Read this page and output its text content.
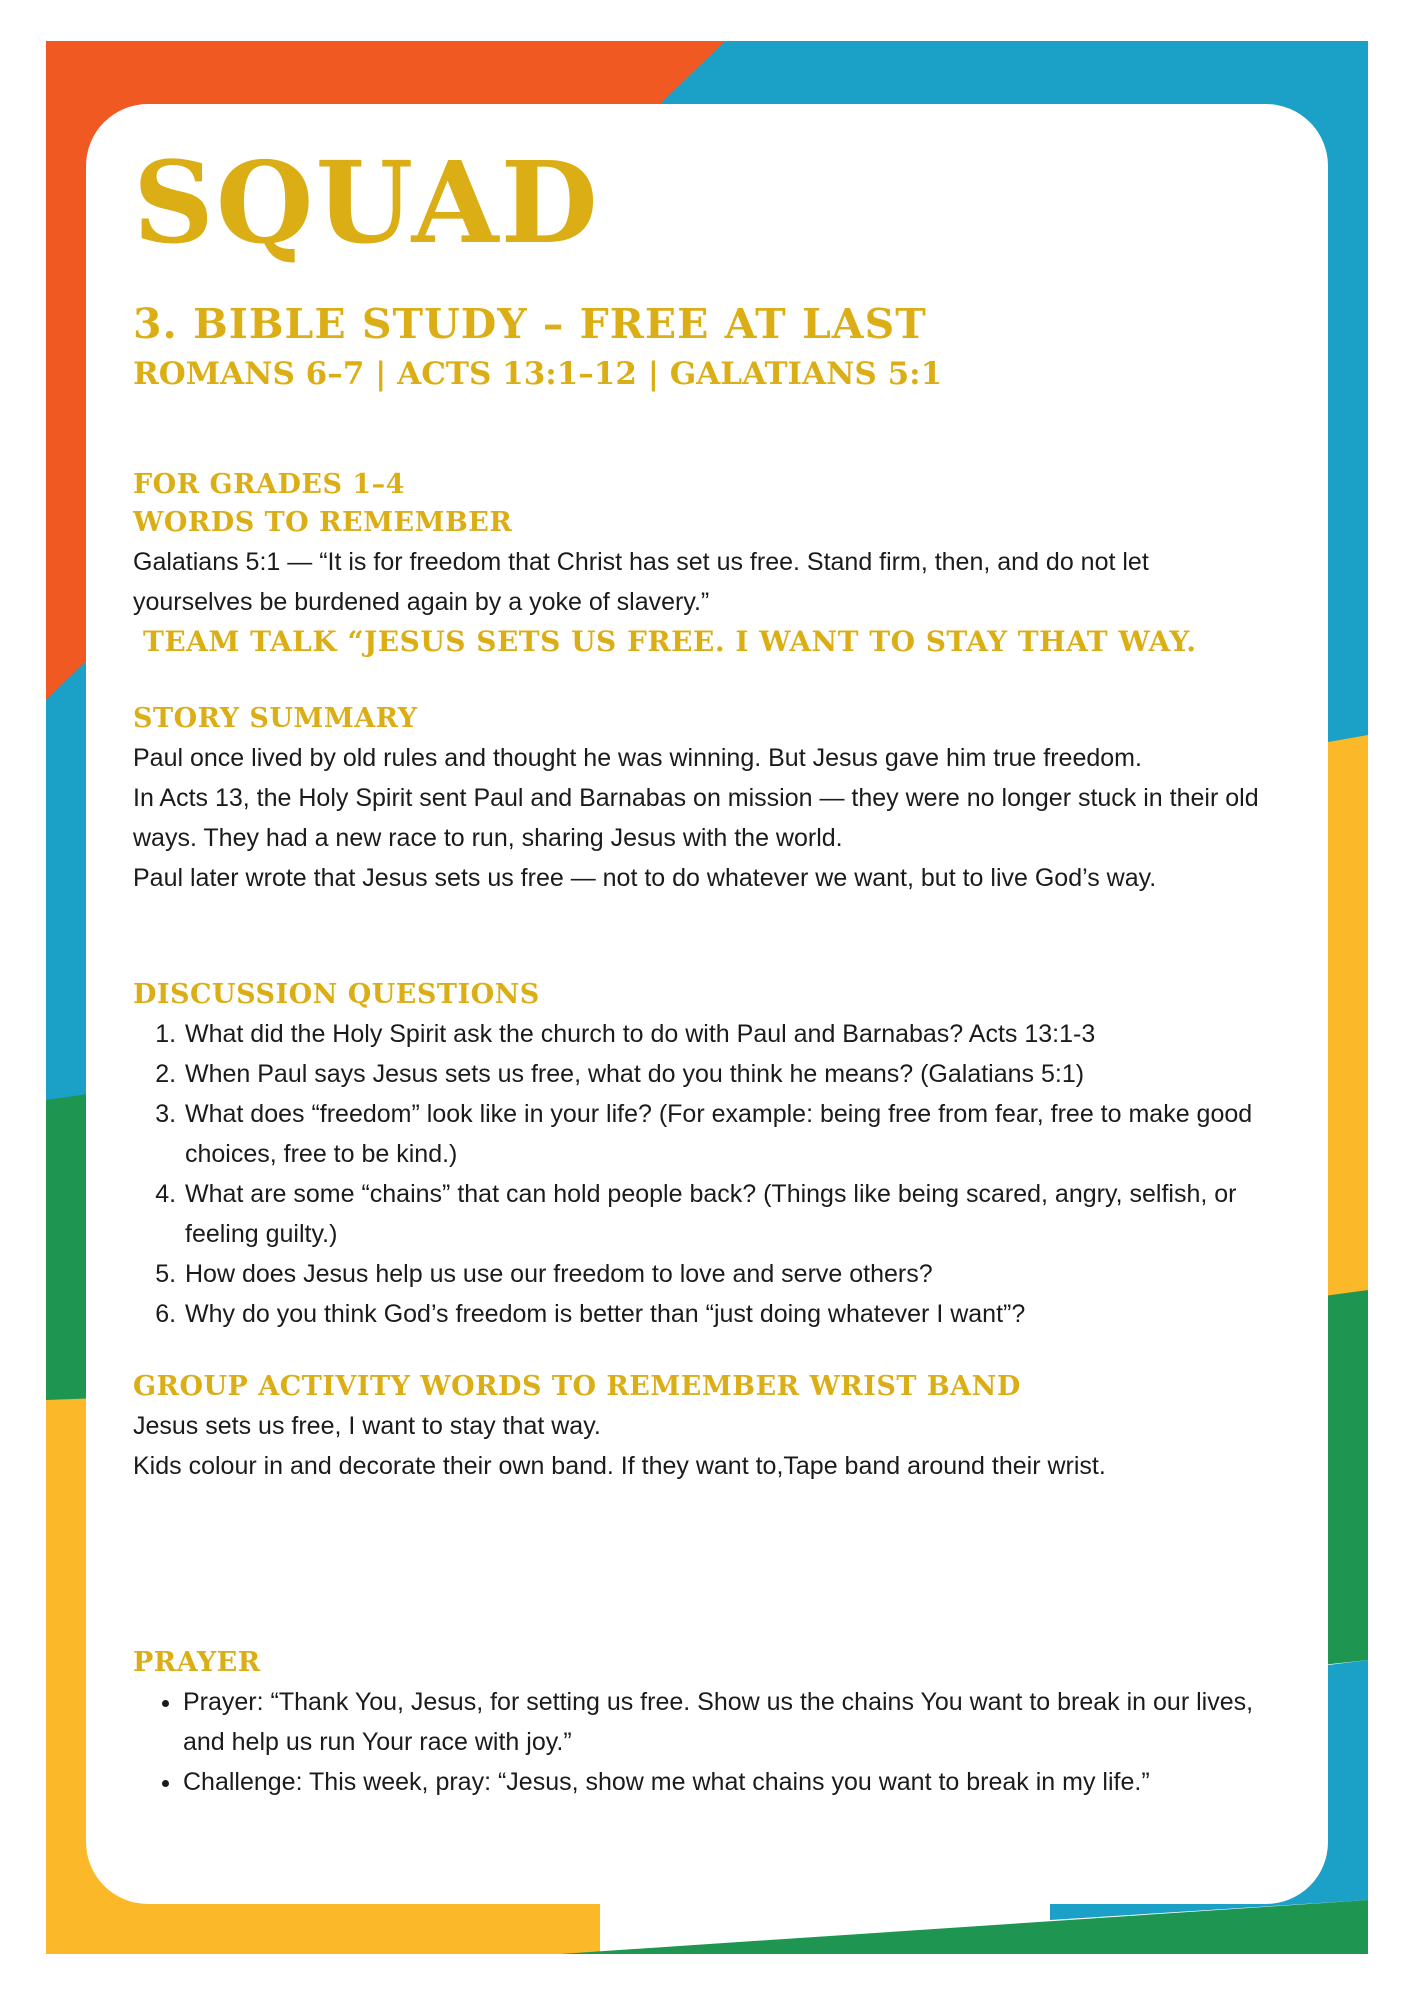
SQUAD
3. BIBLE STUDY – FREE AT LAST
ROMANS 6–7 | ACTS 13:1–12 | GALATIANS 5:1
FOR GRADES 1–4
WORDS TO REMEMBER

Galatians 5:1 — “It is for freedom that Christ has set us free. Stand firm, then, and do not let yourselves be burdened again by a yoke of slavery.”

TEAM TALK “JESUS SETS US FREE. I WANT TO STAY THAT WAY.
STORY SUMMARY

Paul once lived by old rules and thought he was winning. But Jesus gave him true freedom.

In Acts 13, the Holy Spirit sent Paul and Barnabas on mission — they were no longer stuck in their old ways. They had a new race to run, sharing Jesus with the world.

Paul later wrote that Jesus sets us free — not to do whatever we want, but to live God’s way.

DISCUSSION QUESTIONS
1. What did the Holy Spirit ask the church to do with Paul and Barnabas? Acts 13:1-3
2. When Paul says Jesus sets us free, what do you think he means? (Galatians 5:1)
3. What does “freedom” look like in your life? (For example: being free from fear, free to make good choices, free to be kind.)
4. What are some “chains” that can hold people back? (Things like being scared, angry, selfish, or feeling guilty.)
5. How does Jesus help us use our freedom to love and serve others?
6. Why do you think God’s freedom is better than “just doing whatever I want”?
GROUP ACTIVITY WORDS TO REMEMBER WRIST BAND

Jesus sets us free, I want to stay that way.

Kids colour in and decorate their own band. If they want to,Tape band around their wrist.

PRAYER
• Prayer: “Thank You, Jesus, for setting us free. Show us the chains You want to break in our lives, and help us run Your race with joy.”
• Challenge: This week, pray: “Jesus, show me what chains you want to break in my life.”
